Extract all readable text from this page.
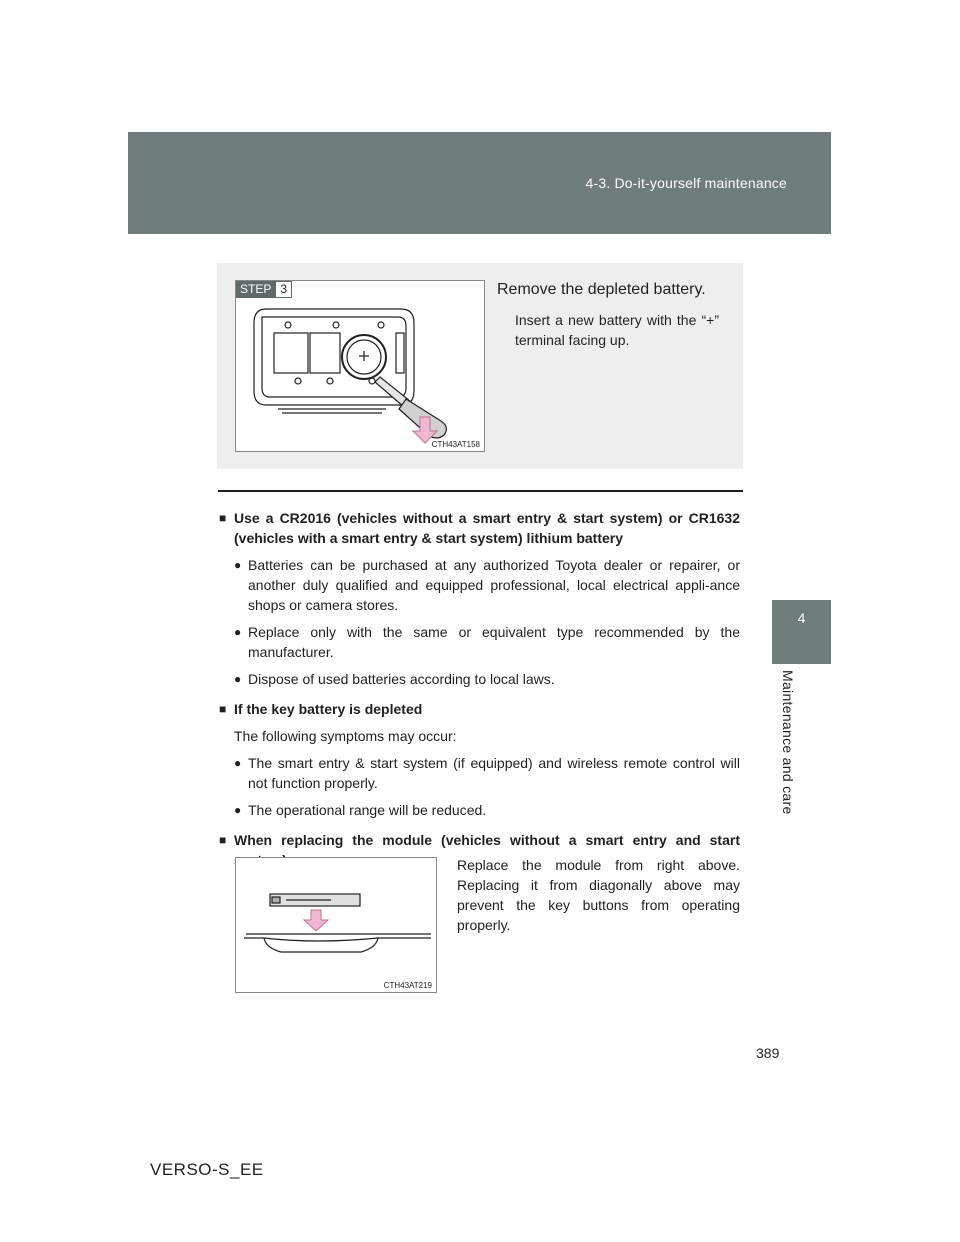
4-3. Do-it-yourself maintenance
4
Maintenance and care
STEP 3
CTH43AT158
Remove the depleted battery.
Insert a new battery with the “+” terminal facing up.
■ Use a CR2016 (vehicles without a smart entry & start system) or CR1632 (vehicles with a smart entry & start system) lithium battery
● Batteries can be purchased at any authorized Toyota dealer or repairer, or another duly qualified and equipped professional, local electrical appli-ance shops or camera stores.
● Replace only with the same or equivalent type recommended by the manufacturer.
● Dispose of used batteries according to local laws.
■ If the key battery is depleted
The following symptoms may occur:
● The smart entry & start system (if equipped) and wireless remote control will not function properly.
● The operational range will be reduced.
■ When replacing the module (vehicles without a smart entry and start
CTH43AT219
Replace the module from right above. Replacing it from diagonally above may prevent the key buttons from operating properly.
389
VERSO-S_EE
